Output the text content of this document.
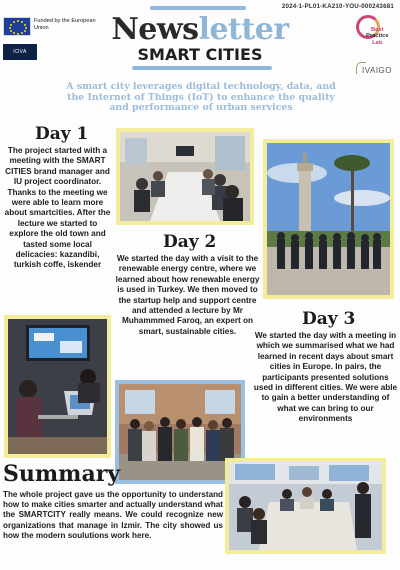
Funded by the European Union
IOVA
2024-1-PL01-KA210-YOU-000243681
Newsletter
SMART CITIES
Best
Practice
Lab
IVAIGO
A smart city leverages digital technology, data, and the Internet of Things (IoT) to enhance the quality and performance of urban services
Day 1
The project started with a meeting with the SMART CITIES brand manager and IU project coordinator. Thanks to the meeting we were able to learn more about smartcities. After the lecture we started to explore the old town and tasted some local delicacies: kazandibi, turkish coffe, iskender
Day 2
We started the day with a visit to the renewable energy centre, where we learned about how renewable energy is used in Turkey. We then moved to the startup help and support centre and attended a lecture by Mr Muhammmed Faroq, an expert on smart, sustainable cities.
Day 3
We started the day with a meeting in which we summarised what we had learned in recent days about smart cities in Europe. In pairs, the participants presented solutions used in different cities. We were able to gain a better understanding of what we can bring to our environments
Summary
The whole project gave us the opportunity to understand how to make cities smarter and actually understand what the SMARTCITY really means. We could recognize new organizations that manage in Izmir. The city showed us how the modern soulutions work here.
